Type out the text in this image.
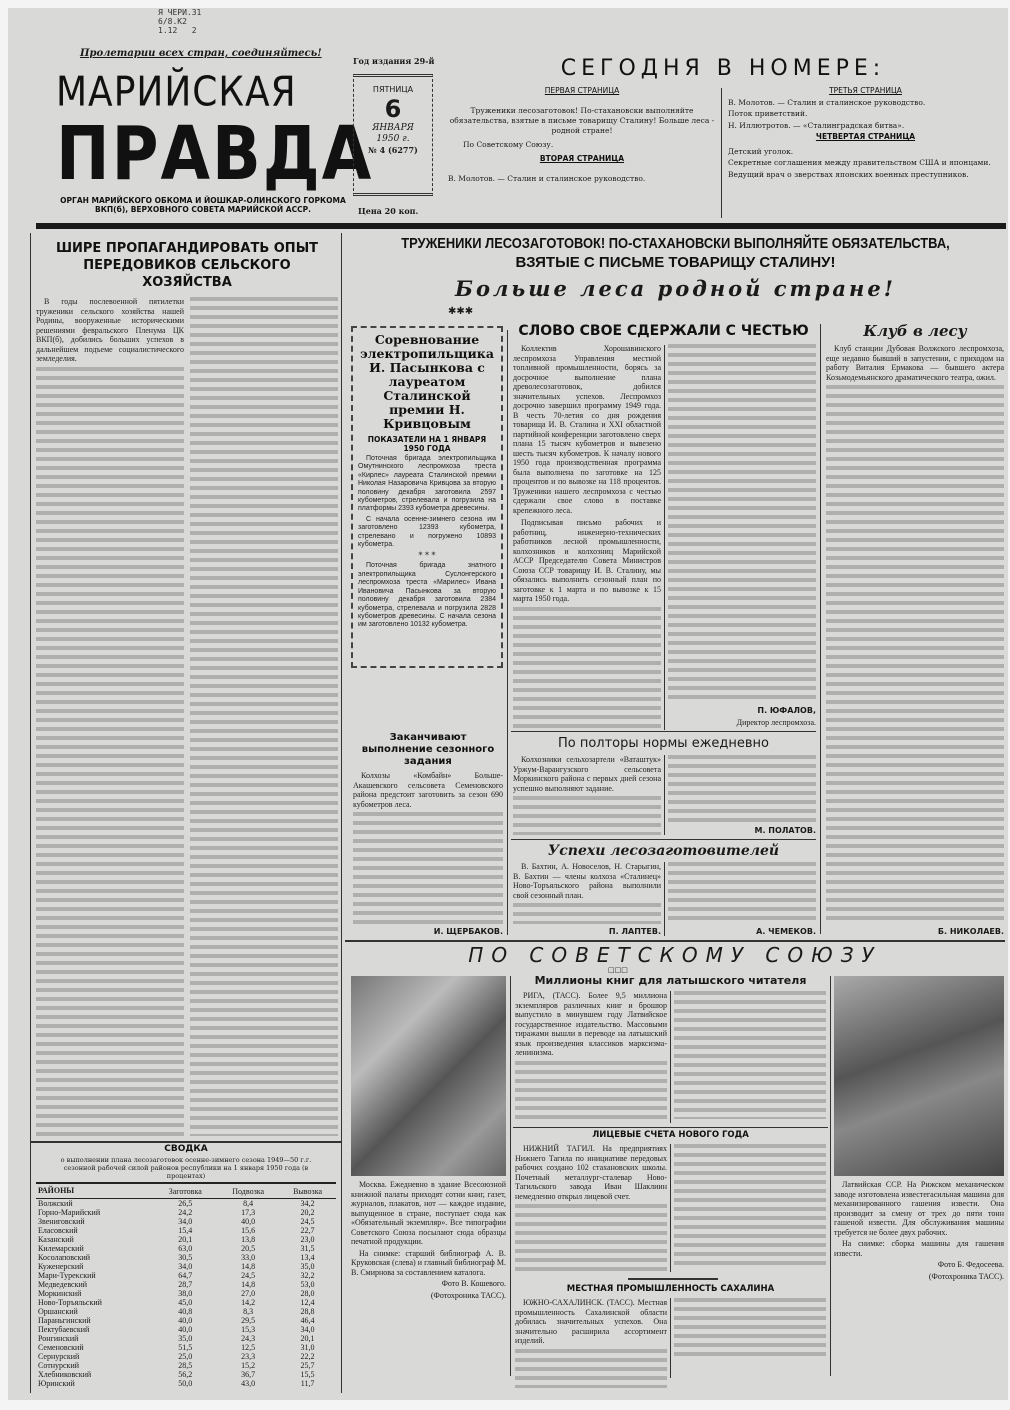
Я ЧЕРИ.31
6/8.К2
1.12 2
Пролетарии всех стран, соединяйтесь!
МАРИЙСКАЯ
ПРАВДА
ОРГАН МАРИЙСКОГО ОБКОМА И ЙОШКАР-ОЛИНСКОГО ГОРКОМА ВКП(б), ВЕРХОВНОГО СОВЕТА МАРИЙСКОЙ АССР.
Год издания 29-й
ПЯТНИЦА
6
ЯНВАРЯ
1950 г.
№ 4 (6277)
Цена 20 коп.
СЕГОДНЯ В НОМЕРЕ:
ПЕРВАЯ СТРАНИЦА
Труженики лесозаготовок! По-стахановски выполняйте обязательства, взятые в письме товарищу Сталину! Больше леса - родной стране!
По Советскому Союзу.
ВТОРАЯ СТРАНИЦА
В. Молотов. — Сталин и сталинское руководство.
ТРЕТЬЯ СТРАНИЦА
В. Молотов. — Сталин и сталинское руководство.
Поток приветствий.
Н. Иллютротов. — «Сталинградская битва».
ЧЕТВЕРТАЯ СТРАНИЦА
Детский уголок.
Секретные соглашения между правительством США и японцами.
Ведущий врач о зверствах японских военных преступников.
ШИРЕ ПРОПАГАНДИРОВАТЬ ОПЫТ ПЕРЕДОВИКОВ СЕЛЬСКОГО ХОЗЯЙСТВА
В годы послевоенной пятилетки труженики сельского хозяйства нашей Родины, вооруженные историческими решениями февральского Пленума ЦК ВКП(б), добились больших успехов в дальнейшем подъеме социалистического земледелия.
СВОДКА
о выполнении плана лесозаготовок осенне-зимнего сезона 1949—50 г.г. сезонной рабочей силой районов республики на 1 января 1950 года (в процентах)
РАЙОНЫ	Заготовка	Подвозка	Вывозка
Волжский	26,5	8,4	34,2
Горно-Марийский	24,2	17,3	20,2
Звениговский	34,0	40,0	24,5
Еласовский	15,4	15,6	22,7
Казанский	20,1	13,8	23,0
Килемарский	63,0	20,5	31,5
Косолаповский	30,5	33,0	13,4
Куженерский	34,0	14,8	35,0
Мари-Туреκский	64,7	24,5	32,2
Медведевский	28,7	14,8	53,0
Моркинский	38,0	27,0	28,0
Ново-Торъяльский	45,0	14,2	12,4
Оршанский	40,8	8,3	28,8
Параньгинский	40,0	29,5	46,4
Пектубаевский	40,0	15,3	34,0
Ронгинский	35,0	24,3	20,1
Семеновский	51,5	12,5	31,0
Сернурский	25,0	23,3	22,2
Сотнурский	28,5	15,2	25,7
Хлебниковский	56,2	36,7	15,5
Юринский	50,0	43,0	11,7
ТРУЖЕНИКИ ЛЕСОЗАГОТОВОК! ПО-СТАХАНОВСКИ ВЫПОЛНЯЙТЕ ОБЯЗАТЕЛЬСТВА,
ВЗЯТЫЕ С ПИСЬМЕ ТОВАРИЩУ СТАЛИНУ!
Больше леса родной стране!
✱✱✱
Соревнование электропильщика И. Пасынкова с лауреатом Сталинской премии Н. Кривцовым
ПОКАЗАТЕЛИ НА 1 ЯНВАРЯ 1950 ГОДА
Поточная бригада электропильщика Омутнинского леспромхоза треста «Кирлес» лауреата Сталинской премии Николая Назаровича Кривцова за вторую половину декабря заготовила 2597 кубометров, стрелевала и погрузила на платформы 2393 кубометра древесины.
С начала осенне-зимнего сезона им заготовлено 12393 кубометра, стрелевано и погружено 10893 кубометра.
* * *
Поточная бригада знатного электропильщика Суслонгерского леспромхоза треста «Марилес» Ивана Ивановича Пасынкова за вторую половину декабря заготовила 2384 кубометра, стрелевала и погрузила 2828 кубометров древесины. С начала сезона им заготовлено 10132 кубометра.
Заканчивают выполнение сезонного задания
Колхозы «Комбайн» Больше-Акашевского сельсовета Семеновского района предстоит заготовить за сезон 690 кубометров леса.
И. ЩЕРБАКОВ.
СЛОВО СВОЕ СДЕРЖАЛИ С ЧЕСТЬЮ
Коллектив Хорошавинского леспромхоза Управления местной топливной промышленности, борясь за досрочное выполнение плана древолесозаготовок, добился значительных успехов. Леспромхоз досрочно завершил программу 1949 года. В честь 70-летия со дня рождения товарища И. В. Сталина и XXI областной партийной конференции заготовлено сверх плана 15 тысяч кубометров и вывезено шесть тысяч кубометров. К началу нового 1950 года производственная программа была выполнена по заготовке на 125 процентов и по вывозке на 118 процентов. Труженики нашего леспромхоза с честью сдержали свое слово в поставке крепежного леса.
Подписывая письмо рабочих и работниц, инженерно-технических работников лесной промышленности, колхозников и колхозниц Марийской АССР Председателю Совета Министров Союза ССР товарищу И. В. Сталину, мы обязались выполнить сезонный план по заготовке к 1 марта и по вывозке к 15 марта 1950 года.
П. ЮФАЛОВ,
Директор леспромхоза.
Клуб в лесу
Клуб станции Дубовая Волжского леспромхоза, еще недавно бывший в запустении, с приходом на работу Виталия Ермакова — бывшего актера Козьмодемьянского драматического театра, ожил.
Б. НИКОЛАЕВ.
По полторы нормы ежедневно
Колхозники сельхозартели «Ваташтук» Уржум-Варангузского сельсовета Моркинского района с первых дней сезона успешно выполняют задание.
М. ПОЛАТОВ.
Успехи лесозаготовителей
В. Бахтин, А. Новоселов, Н. Старыгин, В. Бахтин — члены колхоза «Сталинец» Ново-Торъяльского района выполнили свой сезонный план.
П. ЛАПТЕВ.	А. ЧЕМЕКОВ.
ПО СОВЕТСКОМУ СОЮЗУ
□□□
Москва. Ежедневно в здание Всесоюзной книжной палаты приходят сотни книг, газет, журналов, плакатов, нот — каждое издание, выпущенное в стране, поступает сюда как «Обязательный экземпляр». Все типографии Советского Союза посылают сюда образцы печатной продукции.
На снимке: старший библиограф А. В. Круковская (слева) и главный библиограф М. В. Смирнова за составлением каталога.
Фото В. Кошевого.
(Фотохроника ТАСС).
Миллионы книг для латышского читателя
РИГА, (ТАСС). Более 9,5 миллиона экземпляров различных книг и брошюр выпустило в минувшем году Латвийское государственное издательство. Массовыми тиражами вышли в переводе на латышский язык произведения классиков марксизма-ленинизма.
ЛИЦЕВЫЕ СЧЕТА НОВОГО ГОДА
НИЖНИЙ ТАГИЛ. На предприятиях Нижнего Тагила по инициативе передовых рабочих создано 102 стахановских школы. Почетный металлург-сталевар Ново-Тагильского завода Иван Шаклиин немедленно открыл лицевой счет.
МЕСТНАЯ ПРОМЫШЛЕННОСТЬ САХАЛИНА
ЮЖНО-САХАЛИНСК. (ТАСС). Местная промышленность Сахалинской области добилась значительных успехов. Она значительно расширила ассортимент изделий.
Латвийская ССР. На Рижском механическом заводе изготовлена известегасильная машина для механизированного гашения извести. Она производит за смену от трех до пяти тонн гашеной извести. Для обслуживания машины требуется не более двух рабочих.
На снимке: сборка машины для гашения извести.
Фото Б. Федосеева.
(Фотохроника ТАСС).
